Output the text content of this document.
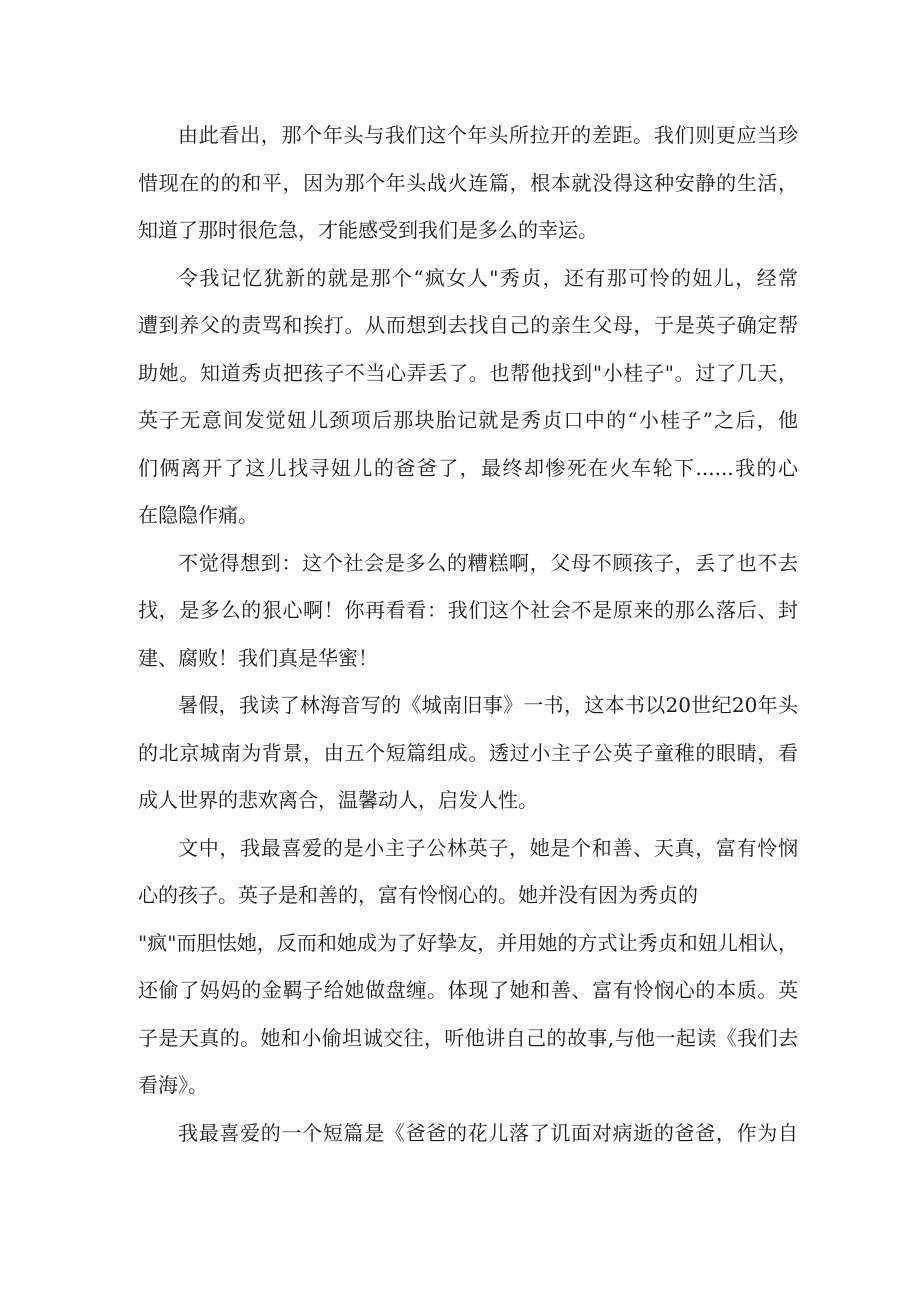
由此看出，那个年头与我们这个年头所拉开的差距。我们则更应当珍
惜现在的的和平，因为那个年头战火连篇，根本就没得这种安静的生活，
知道了那时很危急，才能感受到我们是多么的幸运。

令我记忆犹新的就是那个“疯女人"秀贞，还有那可怜的妞儿，经常
遭到养父的责骂和挨打。从而想到去找自己的亲生父母，于是英子确定帮
助她。知道秀贞把孩子不当心弄丢了。也帮他找到"小桂子"。过了几天，
英子无意间发觉妞儿颈项后那块胎记就是秀贞口中的“小桂子”之后，他
们俩离开了这儿找寻妞儿的爸爸了，最终却惨死在火车轮下......我的心
在隐隐作痛。

不觉得想到：这个社会是多么的糟糕啊，父母不顾孩子，丢了也不去
找，是多么的狠心啊！你再看看：我们这个社会不是原来的那么落后、封
建、腐败！我们真是华蜜！

暑假，我读了林海音写的《城南旧事》一书，这本书以20世纪20年头
的北京城南为背景，由五个短篇组成。透过小主子公英子童稚的眼睛，看
成人世界的悲欢离合，温馨动人，启发人性。

文中，我最喜爱的是小主子公林英子，她是个和善、天真，富有怜悯
心的孩子。英子是和善的，富有怜悯心的。她并没有因为秀贞的
"疯"而胆怯她，反而和她成为了好挚友，并用她的方式让秀贞和妞儿相认，
还偷了妈妈的金羁子给她做盘缠。体现了她和善、富有怜悯心的本质。英
子是天真的。她和小偷坦诚交往，听他讲自己的故事,与他一起读《我们去
看海》。

我最喜爱的一个短篇是《爸爸的花儿落了讥面对病逝的爸爸，作为自
